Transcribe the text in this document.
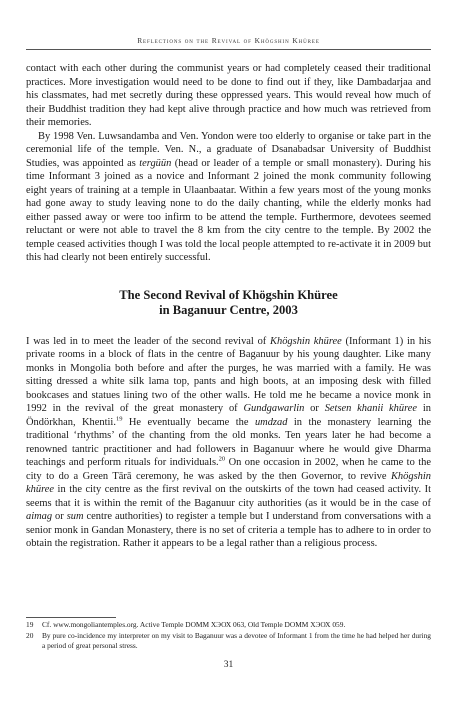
Reflections on the Revival of Khögshin Khüree

contact with each other during the communist years or had completely ceased their traditional practices. More investigation would need to be done to find out if they, like Dambadarjaa and his classmates, had met secretly during these oppressed years. This would reveal how much of their Buddhist tradition they had kept alive through practice and how much was retrieved from their memories.

By 1998 Ven. Luwsandamba and Ven. Yondon were too elderly to organise or take part in the ceremonial life of the temple. Ven. N., a graduate of Dsanabadsar University of Buddhist Studies, was appointed as tergüün (head or leader of a temple or small monastery). During his time Informant 3 joined as a novice and Informant 2 joined the monk community following eight years of training at a temple in Ulaanbaatar. Within a few years most of the young monks had gone away to study leaving none to do the daily chanting, while the elderly monks had either passed away or were too infirm to be attend the temple. Furthermore, devotees seemed reluctant or were not able to travel the 8 km from the city centre to the temple. By 2002 the temple ceased activities though I was told the local people attempted to re-activate it in 2009 but this had clearly not been entirely successful.

The Second Revival of Khögshin Khüree
in Baganuur Centre, 2003

I was led in to meet the leader of the second revival of Khögshin khüree (Informant 1) in his private rooms in a block of flats in the centre of Baganuur by his young daughter. Like many monks in Mongolia both before and after the purges, he was married with a family. He was sitting dressed a white silk lama top, pants and high boots, at an imposing desk with filled bookcases and statues lining two of the other walls. He told me he became a novice monk in 1992 in the revival of the great monastery of Gundgawarlin or Setsen khanii khüree in Öndörkhan, Khentii.$^{19}$ He eventually became the umdzad in the monastery learning the traditional ‘rhythms’ of the chanting from the old monks. Ten years later he had become a renowned tantric practitioner and had followers in Baganuur where he would give Dharma teachings and perform rituals for individuals.$^{20}$ On one occasion in 2002, when he came to the city to do a Green Tārā ceremony, he was asked by the then Governor, to revive Khögshin khüree in the city centre as the first revival on the outskirts of the town had ceased activity. It seems that it is within the remit of the Baganuur city authorities (as it would be in the case of aimag or sum centre authorities) to register a temple but I understand from conversations with a senior monk in Gandan Monastery, there is no set of criteria a temple has to adhere to in order to obtain the registration. Rather it appears to be a legal rather than a religious process.

19	Cf. www.mongoliantemples.org. Active Temple DOMM ХЭОХ 063, Old Temple DOMM ХЭОХ 059.
20	By pure co-incidence my interpreter on my visit to Baganuur was a devotee of Informant 1 from the time he had helped her during a period of great personal stress.
31
